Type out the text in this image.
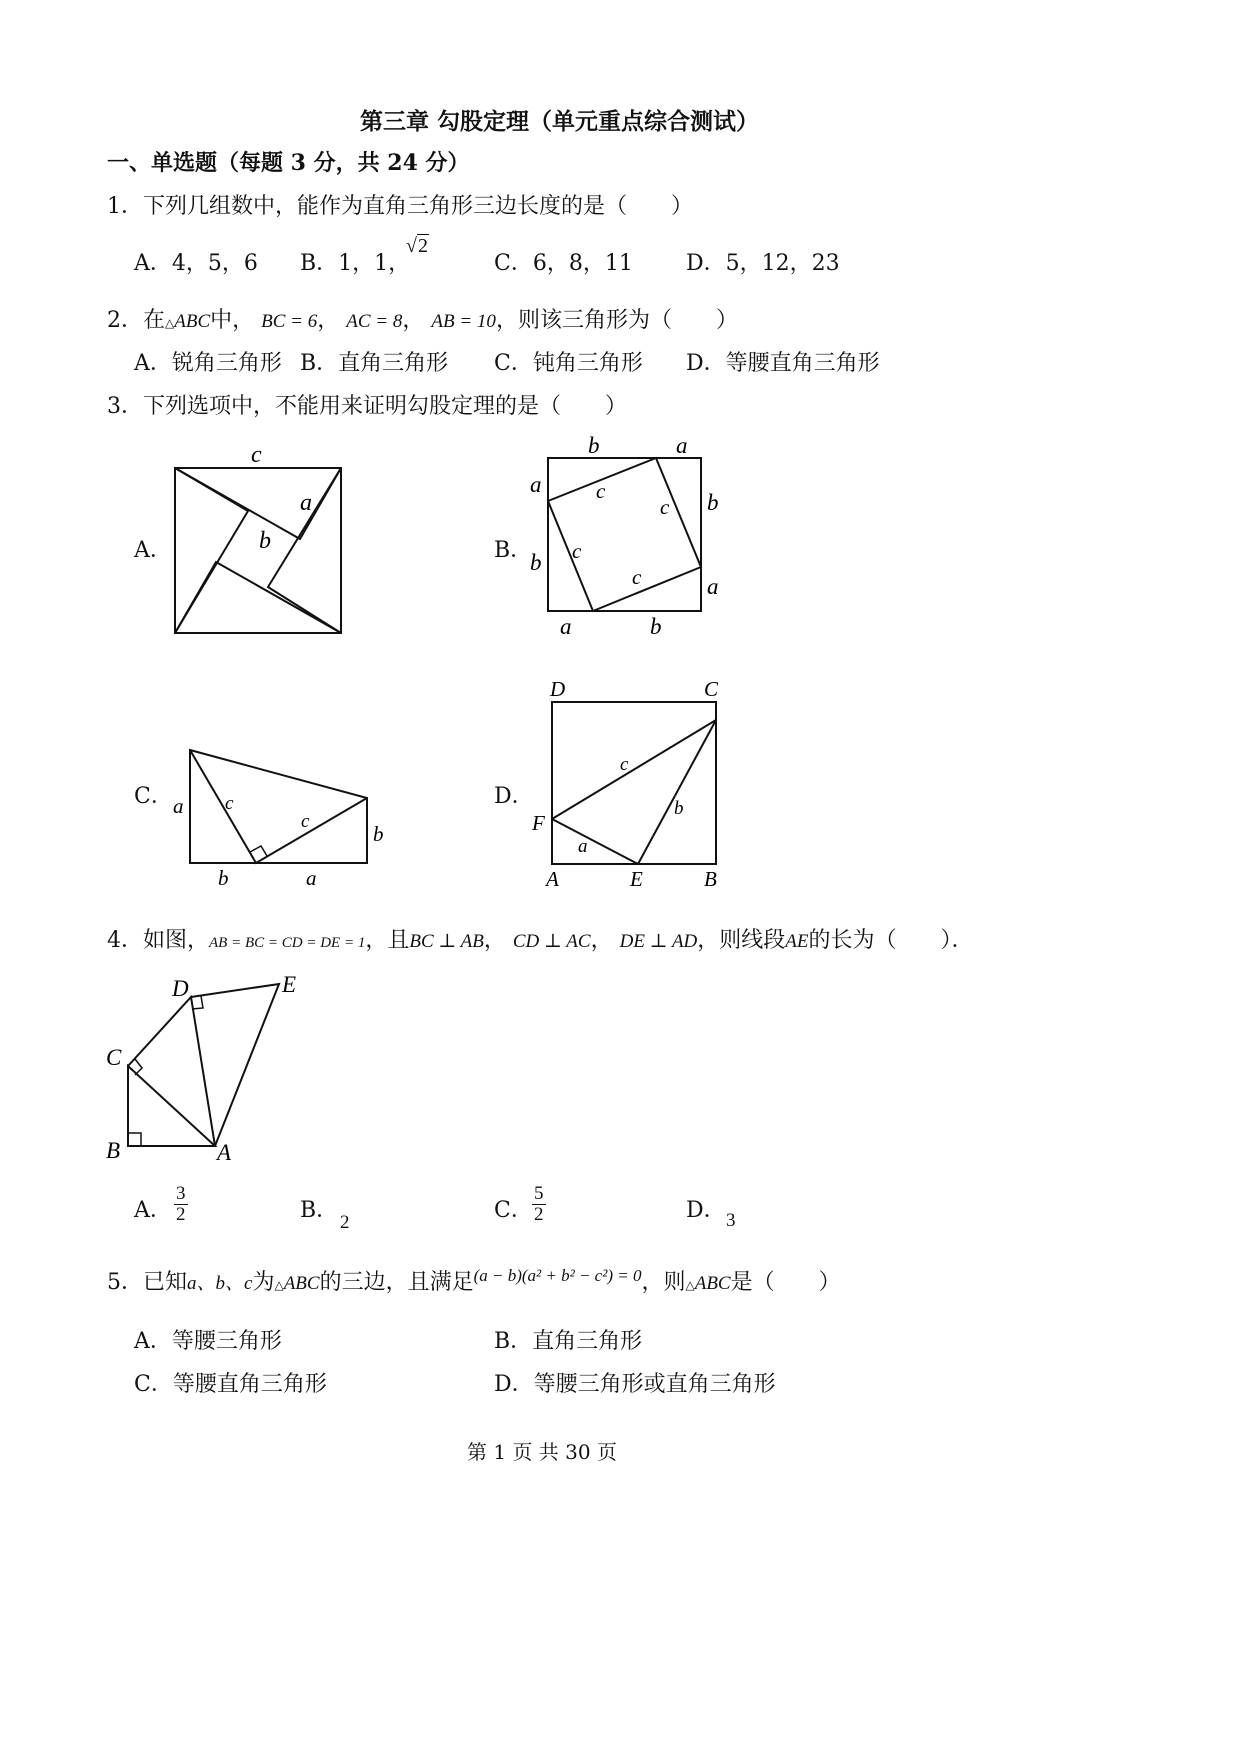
第三章 勾股定理（单元重点综合测试）
一、单选题（每题 3 分，共 24 分）
1．下列几组数中，能作为直角三角形三边长度的是（　　）
A．4，5，6 B．1，1，
√2
C．6，8，11 D．5，12，23
2．在△ABC中， BC = 6， AC = 8， AB = 10，则该三角形为（　　）
A．锐角三角形 B．直角三角形 C．钝角三角形 D．等腰直角三角形
3．下列选项中，不能用来证明勾股定理的是（　　）
A．	B．
C．	D．
c
a
b
b	a
a
b
c
c
b c
c	a
a	b
a c
c
b
b	a
D	C
c
b
F
a
A	E	B
4．如图，AB = BC = CD = DE = 1，且BC ⊥ AB， CD ⊥ AC， DE ⊥ AD，则线段AE的长为（　　）．
D	E
C
B	A
A． $\frac{3}{2}$	B． 2	C． $\frac{5}{2}$	D． 3
5．已知a、b、c为△ABC的三边，且满足$^{(a - b)(a^2 + b^2 - c^2) = 0}$，则△ABC是（　　）
A．等腰三角形	B．直角三角形
C．等腰直角三角形	D．等腰三角形或直角三角形
第 1 页 共 30 页
